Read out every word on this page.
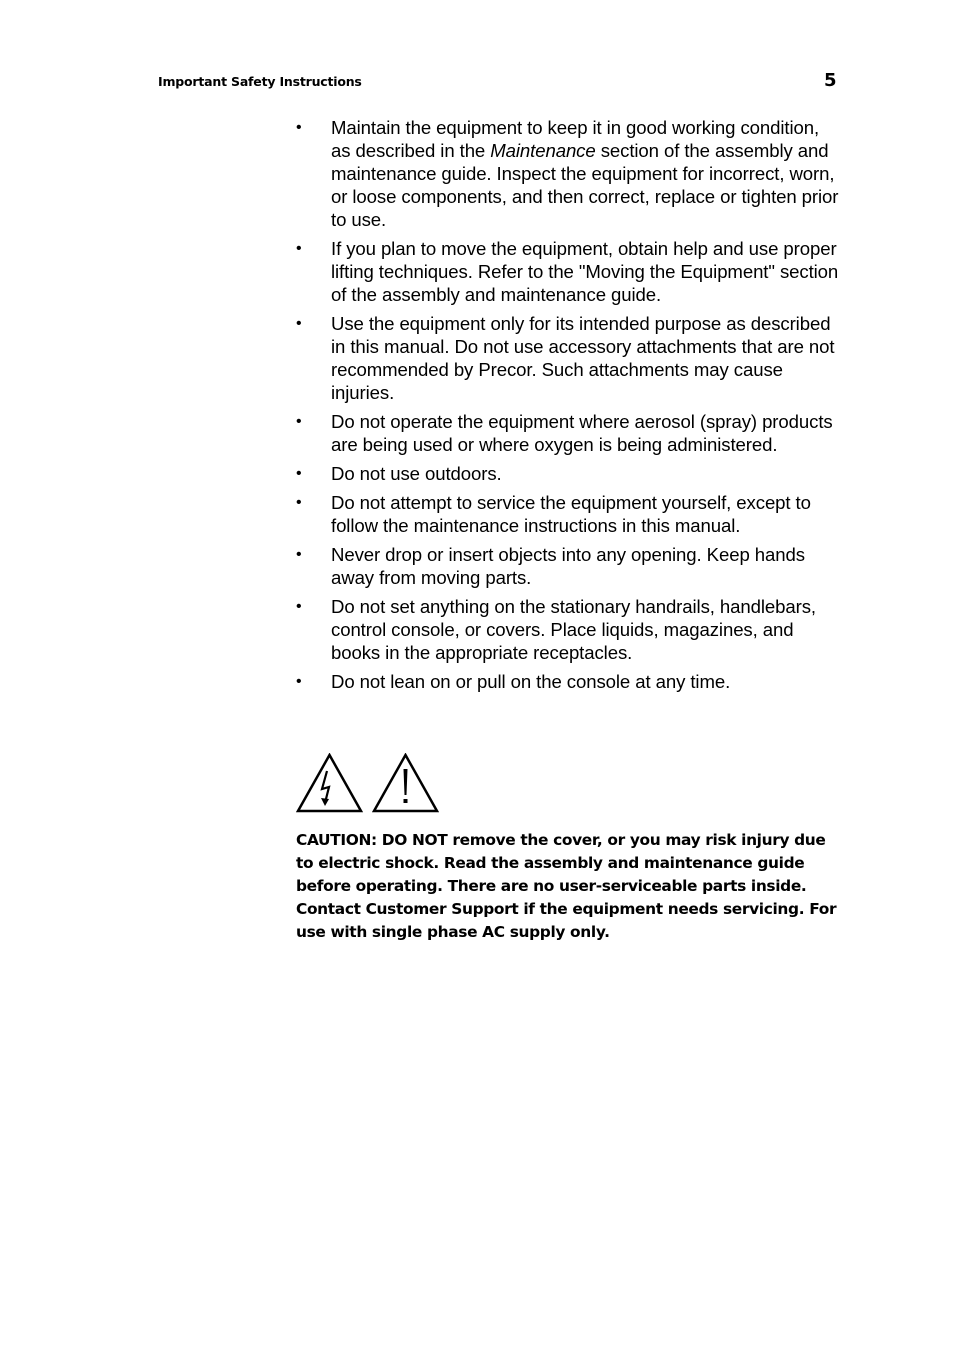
Important Safety Instructions	5
• Maintain the equipment to keep it in good working condition, as described in the Maintenance section of the assembly and maintenance guide. Inspect the equipment for incorrect, worn, or loose components, and then correct, replace or tighten prior to use.
• If you plan to move the equipment, obtain help and use proper lifting techniques. Refer to the "Moving the Equipment" section of the assembly and maintenance guide.
• Use the equipment only for its intended purpose as described in this manual. Do not use accessory attachments that are not recommended by Precor. Such attachments may cause injuries.
• Do not operate the equipment where aerosol (spray) products are being used or where oxygen is being administered.
• Do not use outdoors.
• Do not attempt to service the equipment yourself, except to follow the maintenance instructions in this manual.
• Never drop or insert objects into any opening. Keep hands away from moving parts.
• Do not set anything on the stationary handrails, handlebars, control console, or covers. Place liquids, magazines, and books in the appropriate receptacles.
• Do not lean on or pull on the console at any time.

CAUTION: DO NOT remove the cover, or you may risk injury due to electric shock. Read the assembly and maintenance guide before operating. There are no user-serviceable parts inside. Contact Customer Support if the equipment needs servicing. For use with single phase AC supply only.
